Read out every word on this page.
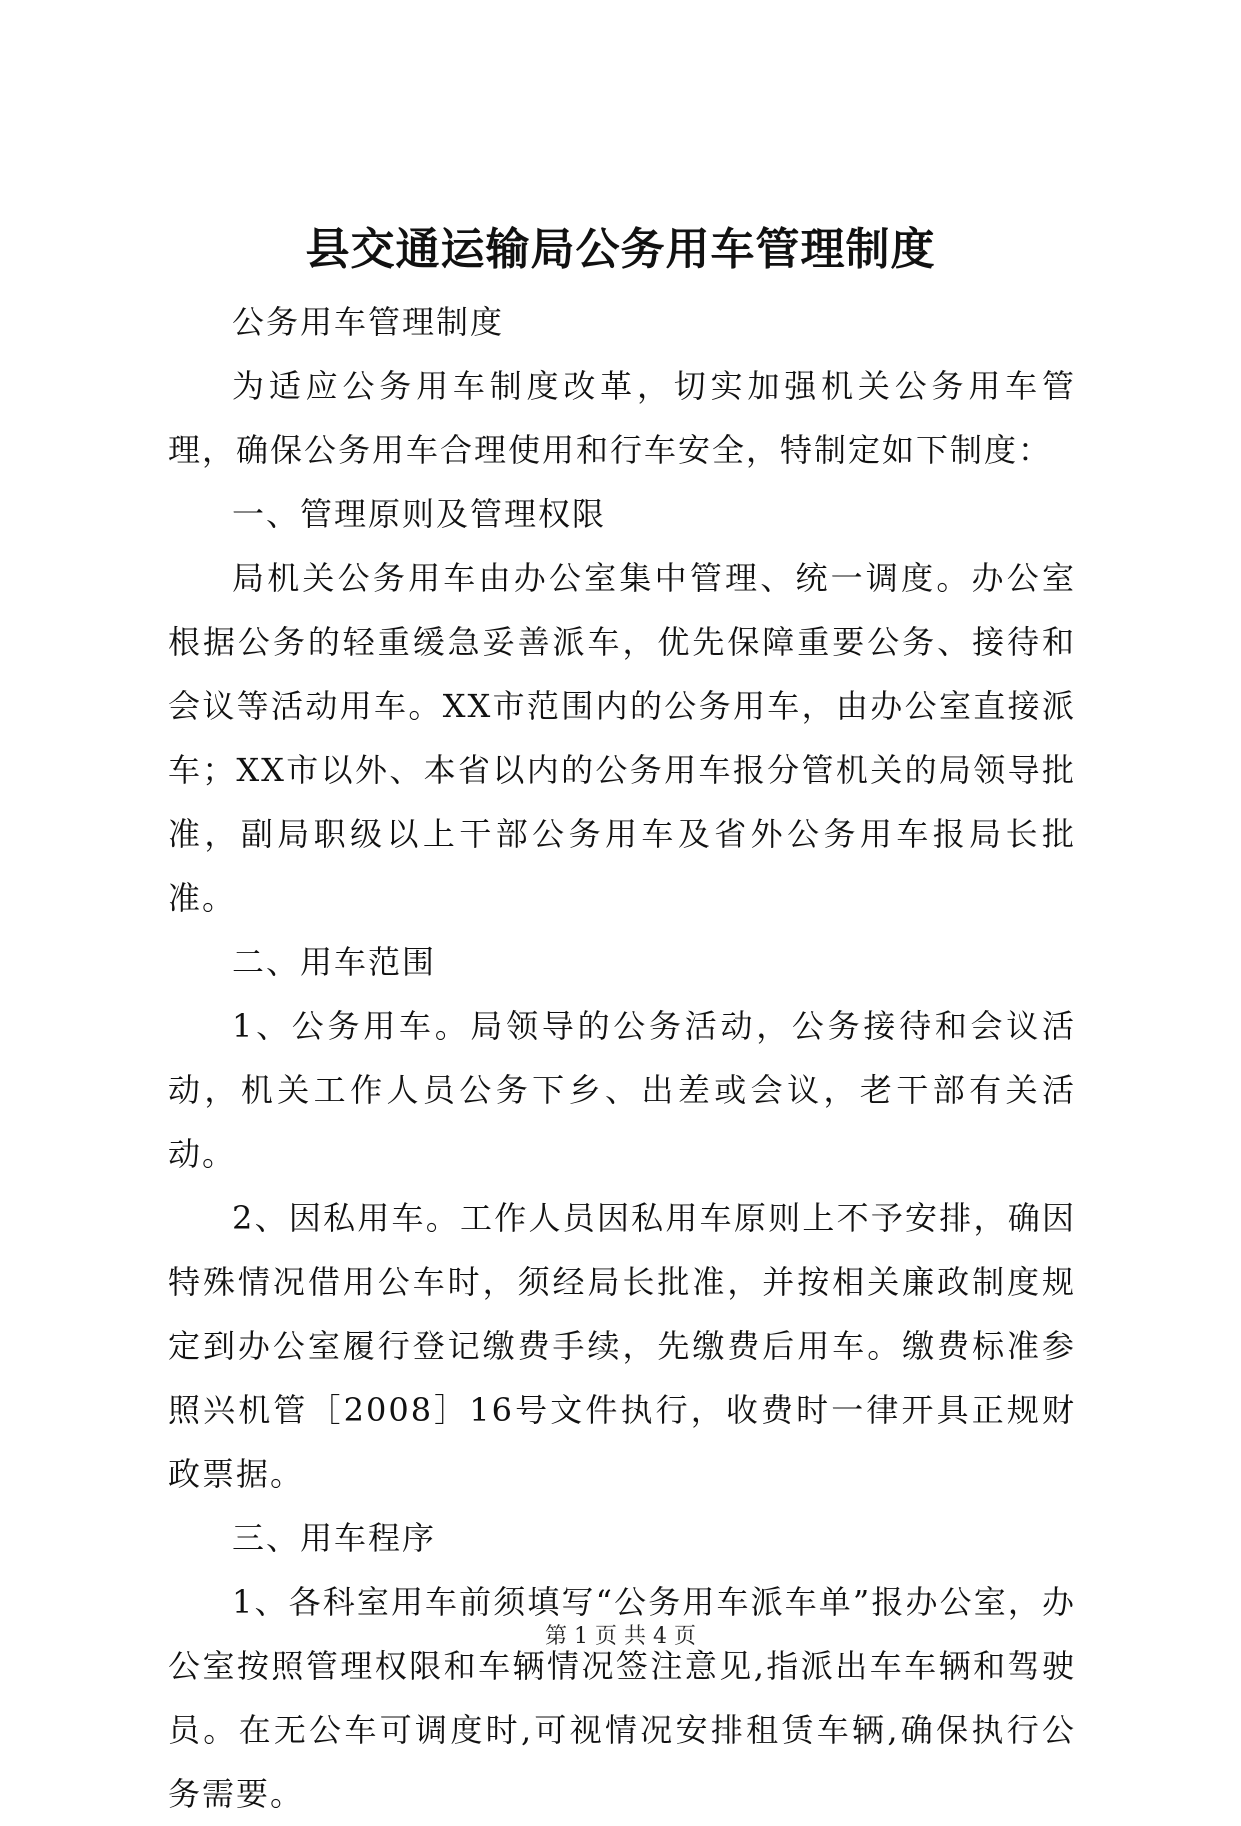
县交通运输局公务用车管理制度

公务用车管理制度

为适应公务用车制度改革，切实加强机关公务用车管理，确保公务用车合理使用和行车安全，特制定如下制度：

一、管理原则及管理权限

局机关公务用车由办公室集中管理、统一调度。办公室根据公务的轻重缓急妥善派车，优先保障重要公务、接待和会议等活动用车。XX市范围内的公务用车，由办公室直接派车；XX市以外、本省以内的公务用车报分管机关的局领导批准，副局职级以上干部公务用车及省外公务用车报局长批准。

二、用车范围

1、公务用车。局领导的公务活动，公务接待和会议活动，机关工作人员公务下乡、出差或会议，老干部有关活动。

2、因私用车。工作人员因私用车原则上不予安排，确因特殊情况借用公车时，须经局长批准，并按相关廉政制度规定到办公室履行登记缴费手续，先缴费后用车。缴费标准参照兴机管［2008］16号文件执行，收费时一律开具正规财政票据。

三、用车程序

1、各科室用车前须填写“公务用车派车单”报办公室，办公室按照管理权限和车辆情况签注意见,指派出车车辆和驾驶员。在无公车可调度时,可视情况安排租赁车辆,确保执行公务需要。

第 1 页 共 4 页
